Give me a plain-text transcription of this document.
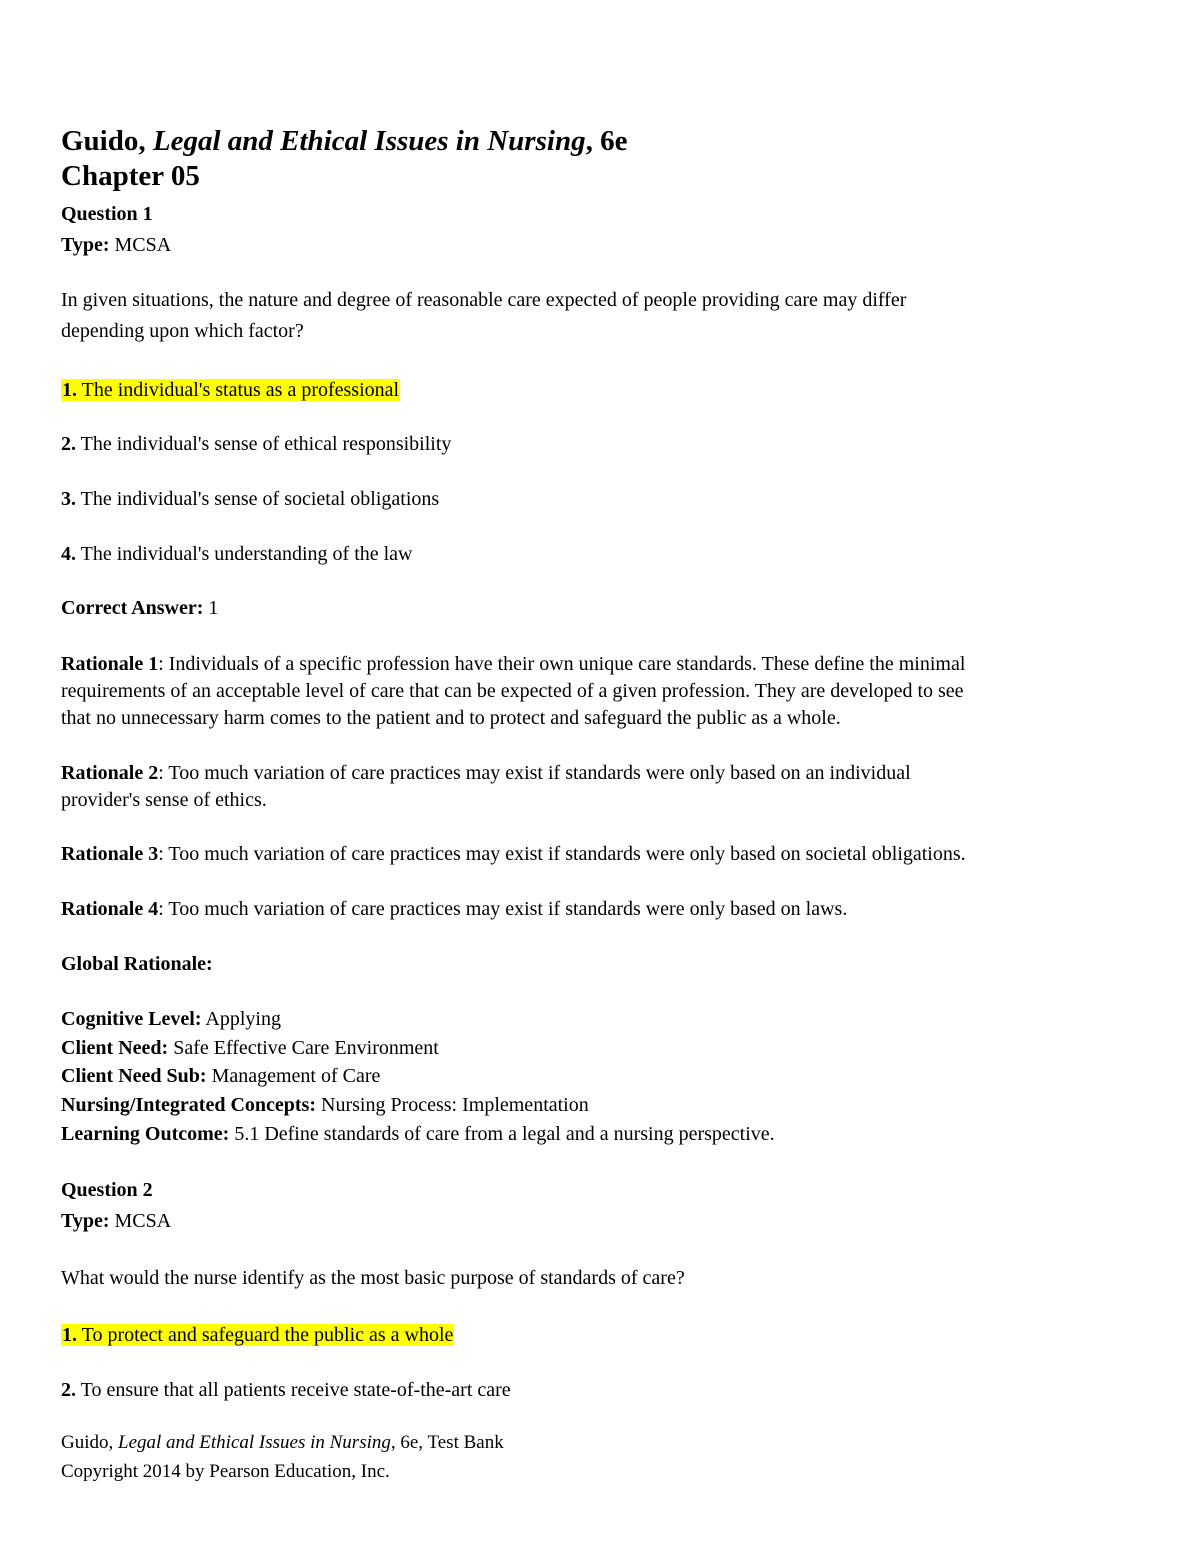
Guido, Legal and Ethical Issues in Nursing, 6e
Chapter 05
Question 1
Type: MCSA
In given situations, the nature and degree of reasonable care expected of people providing care may differ
depending upon which factor?
1. The individual's status as a professional
2. The individual's sense of ethical responsibility
3. The individual's sense of societal obligations
4. The individual's understanding of the law
Correct Answer: 1
Rationale 1: Individuals of a specific profession have their own unique care standards. These define the minimal
requirements of an acceptable level of care that can be expected of a given profession. They are developed to see
that no unnecessary harm comes to the patient and to protect and safeguard the public as a whole.
Rationale 2: Too much variation of care practices may exist if standards were only based on an individual
provider's sense of ethics.
Rationale 3: Too much variation of care practices may exist if standards were only based on societal obligations.
Rationale 4: Too much variation of care practices may exist if standards were only based on laws.
Global Rationale:
Cognitive Level: Applying
Client Need: Safe Effective Care Environment
Client Need Sub: Management of Care
Nursing/Integrated Concepts: Nursing Process: Implementation
Learning Outcome: 5.1 Define standards of care from a legal and a nursing perspective.
Question 2
Type: MCSA
What would the nurse identify as the most basic purpose of standards of care?
1. To protect and safeguard the public as a whole
2. To ensure that all patients receive state-of-the-art care
Guido, Legal and Ethical Issues in Nursing, 6e, Test Bank
Copyright 2014 by Pearson Education, Inc.
